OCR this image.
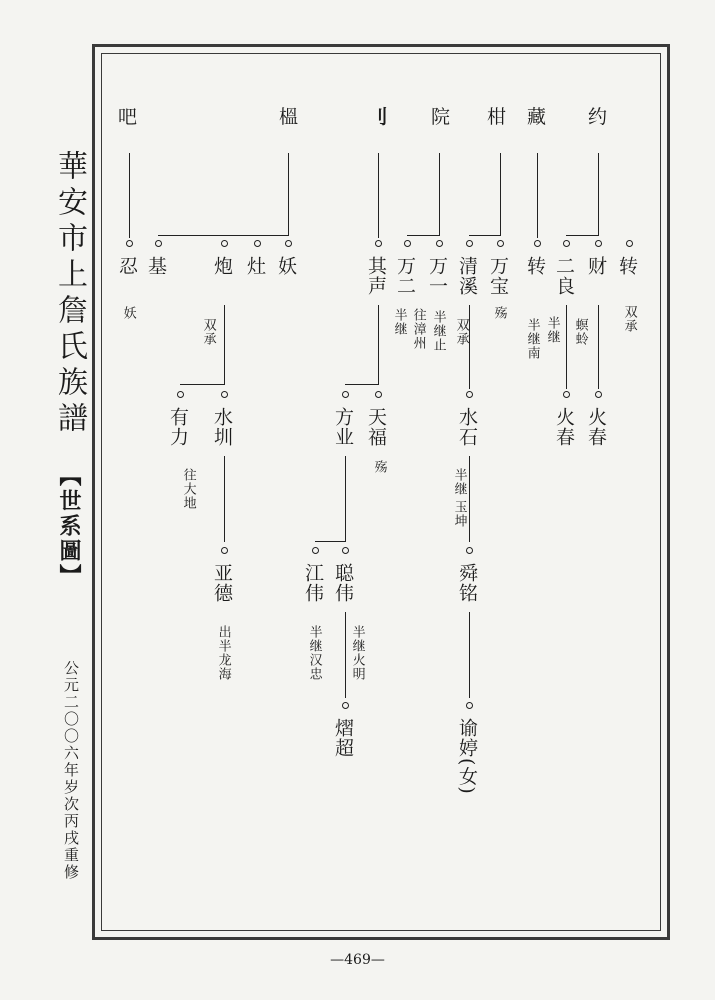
華安市上詹氏族譜
【世系圖】
公元二〇〇六年岁次丙戌重修
约
藏
柑
院
刂
榲
吧
转
财
二良
转
万宝
清溪
万一
万二
其声
妖
灶
炮
基
忍
双承
螟蛉
半继
半继南
殇
双承
半继止
往漳州
半继
双承
妖
火春
火春
水石
天福
方业
水圳
有力
殇
半继
玉坤
往大地
舜铭
聪伟
江伟
亚德
半继火明
半继汉忠
出半龙海
谕婷(女)
熠超
—469—
